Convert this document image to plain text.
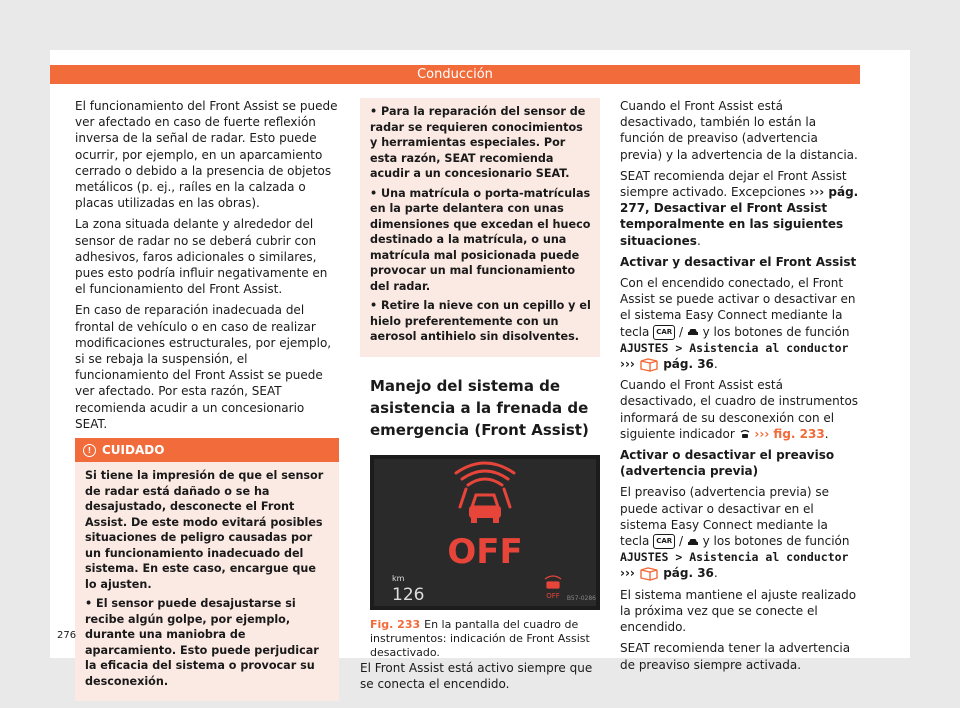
Conducción

El funcionamiento del Front Assist se puede ver afectado en caso de fuerte reflexión inversa de la señal de radar. Esto puede ocurrir, por ejemplo, en un aparcamiento cerrado o debido a la presencia de objetos metálicos (p. ej., raíles en la calzada o placas utilizadas en las obras).

La zona situada delante y alrededor del sensor de radar no se deberá cubrir con adhesivos, faros adicionales o similares, pues esto podría influir negativamente en el funcionamiento del Front Assist.

En caso de reparación inadecuada del frontal de vehículo o en caso de realizar modificaciones estructurales, por ejemplo, si se rebaja la suspensión, el funcionamiento del Front Assist se puede ver afectado. Por esta razón, SEAT recomienda acudir a un concesionario SEAT.

! CUIDADO

Si tiene la impresión de que el sensor de radar está dañado o se ha desajustado, desconecte el Front Assist. De este modo evitará posibles situaciones de peligro causadas por un funcionamiento inadecuado del sistema. En este caso, encargue que lo ajusten.

• El sensor puede desajustarse si recibe algún golpe, por ejemplo, durante una maniobra de aparcamiento. Esto puede perjudicar la eficacia del sistema o provocar su desconexión.

• Para la reparación del sensor de radar se requieren conocimientos y herramientas especiales. Por esta razón, SEAT recomienda acudir a un concesionario SEAT.

• Una matrícula o porta-matrículas en la parte delantera con unas dimensiones que excedan el hueco destinado a la matrícula, o una matrícula mal posicionada puede provocar un mal funcionamiento del radar.

• Retire la nieve con un cepillo y el hielo preferentemente con un aerosol antihielo sin disolventes.

Manejo del sistema de asistencia a la frenada de emergencia (Front Assist)
OFF
km
126	OFF B57-0286
Fig. 233 En la pantalla del cuadro de instrumentos: indicación de Front Assist desactivado.

El Front Assist está activo siempre que se conecta el encendido.

Cuando el Front Assist está desactivado, también lo están la función de preaviso (advertencia previa) y la advertencia de la distancia.

SEAT recomienda dejar el Front Assist siempre activado. Excepciones ››› pág. 277, Desactivar el Front Assist temporalmente en las siguientes situaciones.

Activar y desactivar el Front Assist

Con el encendido conectado, el Front Assist se puede activar o desactivar en el sistema Easy Connect mediante la tecla CAR /  y los botones de función AJUSTES > Asistencia al conductor ›››  pág. 36.

Cuando el Front Assist está desactivado, el cuadro de instrumentos informará de su desconexión con el siguiente indicador  ››› fig. 233.

Activar o desactivar el preaviso (advertencia previa)

El preaviso (advertencia previa) se puede activar o desactivar en el sistema Easy Connect mediante la tecla CAR /  y los botones de función AJUSTES > Asistencia al conductor ›››  pág. 36.

El sistema mantiene el ajuste realizado la próxima vez que se conecte el encendido.

SEAT recomienda tener la advertencia de preaviso siempre activada.

276
